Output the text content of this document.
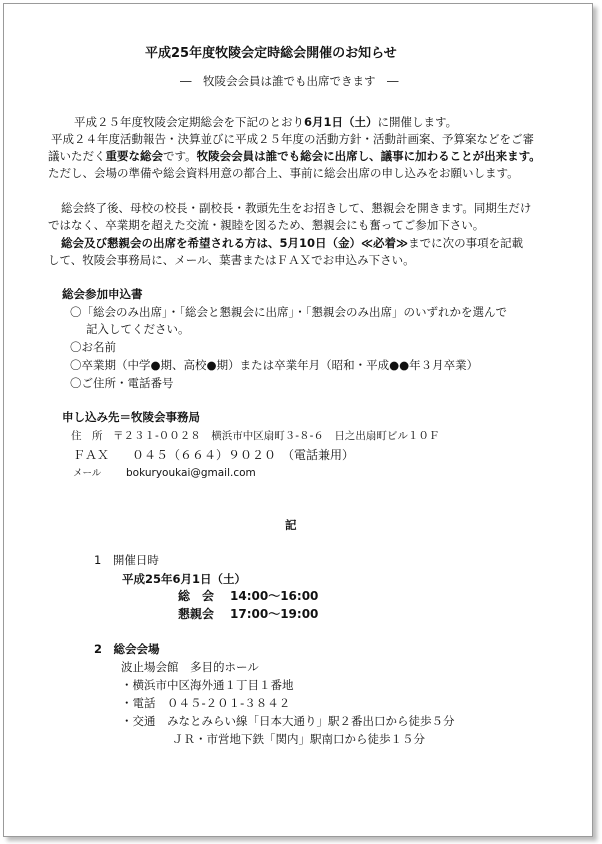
平成25年度牧陵会定時総会開催のお知らせ
―　牧陵会会員は誰でも出席できます　―
平成２５年度牧陵会定期総会を下記のとおり6月1日（土）に開催します。
平成２４年度活動報告・決算並びに平成２５年度の活動方針・活動計画案、予算案などをご審
議いただく重要な総会です。牧陵会会員は誰でも総会に出席し、議事に加わることが出来ます。
ただし、会場の準備や総会資料用意の都合上、事前に総会出席の申し込みをお願いします。
総会終了後、母校の校長・副校長・教頭先生をお招きして、懇親会を開きます。同期生だけ
ではなく、卒業期を超えた交流・親睦を図るため、懇親会にも奮ってご参加下さい。
総会及び懇親会の出席を希望される方は、5月10日（金）≪必着≫までに次の事項を記載
して、牧陵会事務局に、メール、葉書またはＦＡＸでお申込み下さい。
総会参加申込書
〇「総会のみ出席」・「総会と懇親会に出席」・「懇親会のみ出席」のいずれかを選んで
記入してください。
〇お名前
〇卒業期（中学●期、高校●期）または卒業年月（昭和・平成●●年３月卒業）
〇ご住所・電話番号
申し込み先＝牧陵会事務局
住　所　〒２３１-００２８　横浜市中区扇町３-８-６　日之出扇町ビル１０Ｆ
ＦＡＸ ０４５（６６４）９０２０　（電話兼用）
メール bokuryoukai@gmail.com
記
1　開催日時
平成25年6月1日（土）
総　会 14:00～16:00
懇親会 17:00～19:00
2　総会会場
波止場会館　多目的ホール
・横浜市中区海外通１丁目１番地
・電話　０４５-２０１-３８４２
・交通　みなとみらい線「日本大通り」駅２番出口から徒歩５分
ＪＲ・市営地下鉄「関内」駅南口から徒歩１５分
